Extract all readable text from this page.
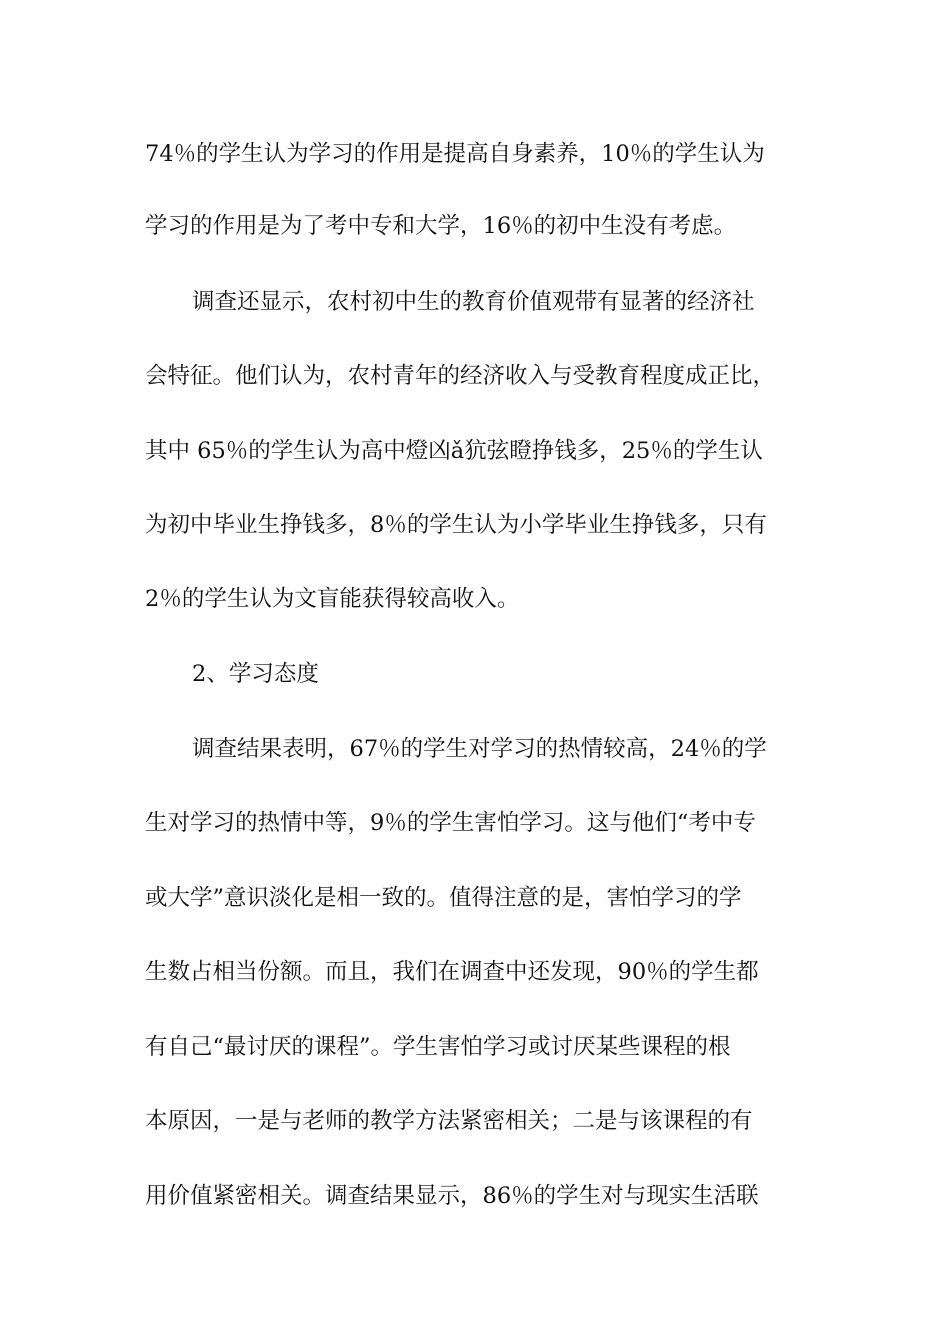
74％的学生认为学习的作用是提高自身素养，10％的学生认为
学习的作用是为了考中专和大学，16％的初中生没有考虑。
调查还显示，农村初中生的教育价值观带有显著的经济社
会特征。他们认为，农村青年的经济收入与受教育程度成正比，
其中 65％的学生认为高中燈凶ǎ犺弦瞪挣钱多，25％的学生认
为初中毕业生挣钱多，8％的学生认为小学毕业生挣钱多，只有
2％的学生认为文盲能获得较高收入。
2、学习态度
调查结果表明，67％的学生对学习的热情较高，24％的学
生对学习的热情中等，9％的学生害怕学习。这与他们“考中专
或大学”意识淡化是相一致的。值得注意的是，害怕学习的学
生数占相当份额。而且，我们在调查中还发现，90％的学生都
有自己“最讨厌的课程”。学生害怕学习或讨厌某些课程的根
本原因，一是与老师的教学方法紧密相关；二是与该课程的有
用价值紧密相关。调查结果显示，86％的学生对与现实生活联
